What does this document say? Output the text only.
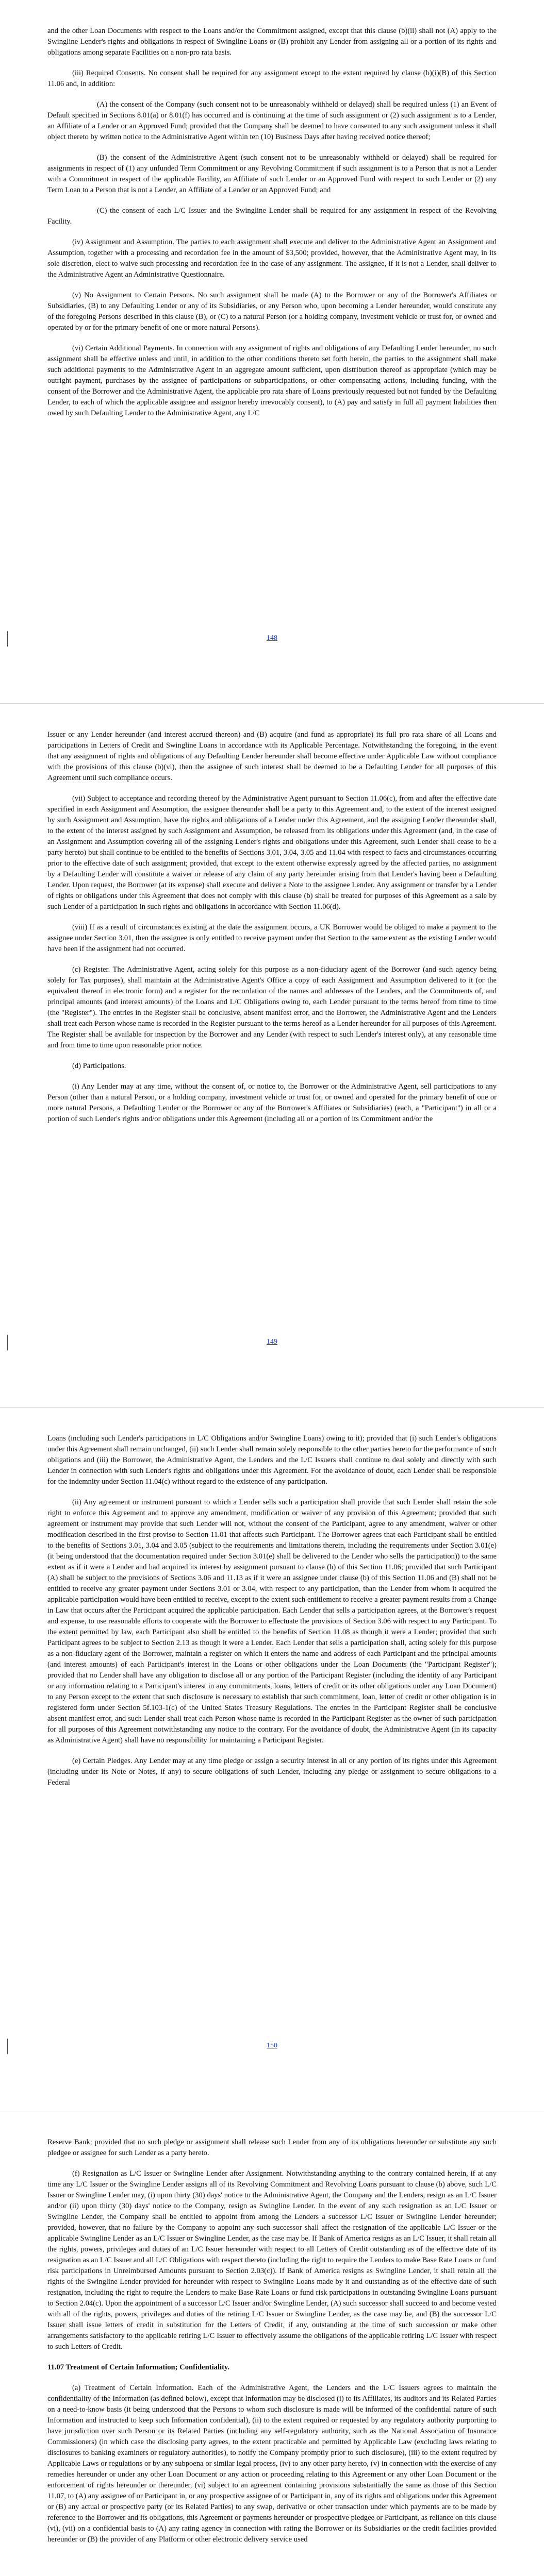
and the other Loan Documents with respect to the Loans and/or the Commitment assigned, except that this clause (b)(ii) shall not (A) apply to the Swingline Lender's rights and obligations in respect of Swingline Loans or (B) prohibit any Lender from assigning all or a portion of its rights and obligations among separate Facilities on a non-pro rata basis.

(iii) Required Consents. No consent shall be required for any assignment except to the extent required by clause (b)(i)(B) of this Section 11.06 and, in addition:

(A) the consent of the Company (such consent not to be unreasonably withheld or delayed) shall be required unless (1) an Event of Default specified in Sections 8.01(a) or 8.01(f) has occurred and is continuing at the time of such assignment or (2) such assignment is to a Lender, an Affiliate of a Lender or an Approved Fund; provided that the Company shall be deemed to have consented to any such assignment unless it shall object thereto by written notice to the Administrative Agent within ten (10) Business Days after having received notice thereof;

(B) the consent of the Administrative Agent (such consent not to be unreasonably withheld or delayed) shall be required for assignments in respect of (1) any unfunded Term Commitment or any Revolving Commitment if such assignment is to a Person that is not a Lender with a Commitment in respect of the applicable Facility, an Affiliate of such Lender or an Approved Fund with respect to such Lender or (2) any Term Loan to a Person that is not a Lender, an Affiliate of a Lender or an Approved Fund; and

(C) the consent of each L/C Issuer and the Swingline Lender shall be required for any assignment in respect of the Revolving Facility.

(iv) Assignment and Assumption. The parties to each assignment shall execute and deliver to the Administrative Agent an Assignment and Assumption, together with a processing and recordation fee in the amount of $3,500; provided, however, that the Administrative Agent may, in its sole discretion, elect to waive such processing and recordation fee in the case of any assignment. The assignee, if it is not a Lender, shall deliver to the Administrative Agent an Administrative Questionnaire.

(v) No Assignment to Certain Persons. No such assignment shall be made (A) to the Borrower or any of the Borrower's Affiliates or Subsidiaries, (B) to any Defaulting Lender or any of its Subsidiaries, or any Person who, upon becoming a Lender hereunder, would constitute any of the foregoing Persons described in this clause (B), or (C) to a natural Person (or a holding company, investment vehicle or trust for, or owned and operated by or for the primary benefit of one or more natural Persons).

(vi) Certain Additional Payments. In connection with any assignment of rights and obligations of any Defaulting Lender hereunder, no such assignment shall be effective unless and until, in addition to the other conditions thereto set forth herein, the parties to the assignment shall make such additional payments to the Administrative Agent in an aggregate amount sufficient, upon distribution thereof as appropriate (which may be outright payment, purchases by the assignee of participations or subparticipations, or other compensating actions, including funding, with the consent of the Borrower and the Administrative Agent, the applicable pro rata share of Loans previously requested but not funded by the Defaulting Lender, to each of which the applicable assignee and assignor hereby irrevocably consent), to (A) pay and satisfy in full all payment liabilities then owed by such Defaulting Lender to the Administrative Agent, any L/C

148

Issuer or any Lender hereunder (and interest accrued thereon) and (B) acquire (and fund as appropriate) its full pro rata share of all Loans and participations in Letters of Credit and Swingline Loans in accordance with its Applicable Percentage. Notwithstanding the foregoing, in the event that any assignment of rights and obligations of any Defaulting Lender hereunder shall become effective under Applicable Law without compliance with the provisions of this clause (b)(vi), then the assignee of such interest shall be deemed to be a Defaulting Lender for all purposes of this Agreement until such compliance occurs.

(vii) Subject to acceptance and recording thereof by the Administrative Agent pursuant to Section 11.06(c), from and after the effective date specified in each Assignment and Assumption, the assignee thereunder shall be a party to this Agreement and, to the extent of the interest assigned by such Assignment and Assumption, have the rights and obligations of a Lender under this Agreement, and the assigning Lender thereunder shall, to the extent of the interest assigned by such Assignment and Assumption, be released from its obligations under this Agreement (and, in the case of an Assignment and Assumption covering all of the assigning Lender's rights and obligations under this Agreement, such Lender shall cease to be a party hereto) but shall continue to be entitled to the benefits of Sections 3.01, 3.04, 3.05 and 11.04 with respect to facts and circumstances occurring prior to the effective date of such assignment; provided, that except to the extent otherwise expressly agreed by the affected parties, no assignment by a Defaulting Lender will constitute a waiver or release of any claim of any party hereunder arising from that Lender's having been a Defaulting Lender. Upon request, the Borrower (at its expense) shall execute and deliver a Note to the assignee Lender. Any assignment or transfer by a Lender of rights or obligations under this Agreement that does not comply with this clause (b) shall be treated for purposes of this Agreement as a sale by such Lender of a participation in such rights and obligations in accordance with Section 11.06(d).

(viii) If as a result of circumstances existing at the date the assignment occurs, a UK Borrower would be obliged to make a payment to the assignee under Section 3.01, then the assignee is only entitled to receive payment under that Section to the same extent as the existing Lender would have been if the assignment had not occurred.

(c) Register. The Administrative Agent, acting solely for this purpose as a non-fiduciary agent of the Borrower (and such agency being solely for Tax purposes), shall maintain at the Administrative Agent's Office a copy of each Assignment and Assumption delivered to it (or the equivalent thereof in electronic form) and a register for the recordation of the names and addresses of the Lenders, and the Commitments of, and principal amounts (and interest amounts) of the Loans and L/C Obligations owing to, each Lender pursuant to the terms hereof from time to time (the "Register"). The entries in the Register shall be conclusive, absent manifest error, and the Borrower, the Administrative Agent and the Lenders shall treat each Person whose name is recorded in the Register pursuant to the terms hereof as a Lender hereunder for all purposes of this Agreement. The Register shall be available for inspection by the Borrower and any Lender (with respect to such Lender's interest only), at any reasonable time and from time to time upon reasonable prior notice.

(d) Participations.

(i) Any Lender may at any time, without the consent of, or notice to, the Borrower or the Administrative Agent, sell participations to any Person (other than a natural Person, or a holding company, investment vehicle or trust for, or owned and operated for the primary benefit of one or more natural Persons, a Defaulting Lender or the Borrower or any of the Borrower's Affiliates or Subsidiaries) (each, a "Participant") in all or a portion of such Lender's rights and/or obligations under this Agreement (including all or a portion of its Commitment and/or the

149

Loans (including such Lender's participations in L/C Obligations and/or Swingline Loans) owing to it); provided that (i) such Lender's obligations under this Agreement shall remain unchanged, (ii) such Lender shall remain solely responsible to the other parties hereto for the performance of such obligations and (iii) the Borrower, the Administrative Agent, the Lenders and the L/C Issuers shall continue to deal solely and directly with such Lender in connection with such Lender's rights and obligations under this Agreement. For the avoidance of doubt, each Lender shall be responsible for the indemnity under Section 11.04(c) without regard to the existence of any participation.

(ii) Any agreement or instrument pursuant to which a Lender sells such a participation shall provide that such Lender shall retain the sole right to enforce this Agreement and to approve any amendment, modification or waiver of any provision of this Agreement; provided that such agreement or instrument may provide that such Lender will not, without the consent of the Participant, agree to any amendment, waiver or other modification described in the first proviso to Section 11.01 that affects such Participant. The Borrower agrees that each Participant shall be entitled to the benefits of Sections 3.01, 3.04 and 3.05 (subject to the requirements and limitations therein, including the requirements under Section 3.01(e) (it being understood that the documentation required under Section 3.01(e) shall be delivered to the Lender who sells the participation)) to the same extent as if it were a Lender and had acquired its interest by assignment pursuant to clause (b) of this Section 11.06; provided that such Participant (A) shall be subject to the provisions of Sections 3.06 and 11.13 as if it were an assignee under clause (b) of this Section 11.06 and (B) shall not be entitled to receive any greater payment under Sections 3.01 or 3.04, with respect to any participation, than the Lender from whom it acquired the applicable participation would have been entitled to receive, except to the extent such entitlement to receive a greater payment results from a Change in Law that occurs after the Participant acquired the applicable participation. Each Lender that sells a participation agrees, at the Borrower's request and expense, to use reasonable efforts to cooperate with the Borrower to effectuate the provisions of Section 3.06 with respect to any Participant. To the extent permitted by law, each Participant also shall be entitled to the benefits of Section 11.08 as though it were a Lender; provided that such Participant agrees to be subject to Section 2.13 as though it were a Lender. Each Lender that sells a participation shall, acting solely for this purpose as a non-fiduciary agent of the Borrower, maintain a register on which it enters the name and address of each Participant and the principal amounts (and interest amounts) of each Participant's interest in the Loans or other obligations under the Loan Documents (the "Participant Register"); provided that no Lender shall have any obligation to disclose all or any portion of the Participant Register (including the identity of any Participant or any information relating to a Participant's interest in any commitments, loans, letters of credit or its other obligations under any Loan Document) to any Person except to the extent that such disclosure is necessary to establish that such commitment, loan, letter of credit or other obligation is in registered form under Section 5f.103-1(c) of the United States Treasury Regulations. The entries in the Participant Register shall be conclusive absent manifest error, and such Lender shall treat each Person whose name is recorded in the Participant Register as the owner of such participation for all purposes of this Agreement notwithstanding any notice to the contrary. For the avoidance of doubt, the Administrative Agent (in its capacity as Administrative Agent) shall have no responsibility for maintaining a Participant Register.

(e) Certain Pledges. Any Lender may at any time pledge or assign a security interest in all or any portion of its rights under this Agreement (including under its Note or Notes, if any) to secure obligations of such Lender, including any pledge or assignment to secure obligations to a Federal

150

Reserve Bank; provided that no such pledge or assignment shall release such Lender from any of its obligations hereunder or substitute any such pledgee or assignee for such Lender as a party hereto.

(f) Resignation as L/C Issuer or Swingline Lender after Assignment. Notwithstanding anything to the contrary contained herein, if at any time any L/C Issuer or the Swingline Lender assigns all of its Revolving Commitment and Revolving Loans pursuant to clause (b) above, such L/C Issuer or Swingline Lender may, (i) upon thirty (30) days' notice to the Administrative Agent, the Company and the Lenders, resign as an L/C Issuer and/or (ii) upon thirty (30) days' notice to the Company, resign as Swingline Lender. In the event of any such resignation as an L/C Issuer or Swingline Lender, the Company shall be entitled to appoint from among the Lenders a successor L/C Issuer or Swingline Lender hereunder; provided, however, that no failure by the Company to appoint any such successor shall affect the resignation of the applicable L/C Issuer or the applicable Swingline Lender as an L/C Issuer or Swingline Lender, as the case may be. If Bank of America resigns as an L/C Issuer, it shall retain all the rights, powers, privileges and duties of an L/C Issuer hereunder with respect to all Letters of Credit outstanding as of the effective date of its resignation as an L/C Issuer and all L/C Obligations with respect thereto (including the right to require the Lenders to make Base Rate Loans or fund risk participations in Unreimbursed Amounts pursuant to Section 2.03(c)). If Bank of America resigns as Swingline Lender, it shall retain all the rights of the Swingline Lender provided for hereunder with respect to Swingline Loans made by it and outstanding as of the effective date of such resignation, including the right to require the Lenders to make Base Rate Loans or fund risk participations in outstanding Swingline Loans pursuant to Section 2.04(c). Upon the appointment of a successor L/C Issuer and/or Swingline Lender, (A) such successor shall succeed to and become vested with all of the rights, powers, privileges and duties of the retiring L/C Issuer or Swingline Lender, as the case may be, and (B) the successor L/C Issuer shall issue letters of credit in substitution for the Letters of Credit, if any, outstanding at the time of such succession or make other arrangements satisfactory to the applicable retiring L/C Issuer to effectively assume the obligations of the applicable retiring L/C Issuer with respect to such Letters of Credit.

11.07 Treatment of Certain Information; Confidentiality.

(a) Treatment of Certain Information. Each of the Administrative Agent, the Lenders and the L/C Issuers agrees to maintain the confidentiality of the Information (as defined below), except that Information may be disclosed (i) to its Affiliates, its auditors and its Related Parties on a need-to-know basis (it being understood that the Persons to whom such disclosure is made will be informed of the confidential nature of such Information and instructed to keep such Information confidential), (ii) to the extent required or requested by any regulatory authority purporting to have jurisdiction over such Person or its Related Parties (including any self-regulatory authority, such as the National Association of Insurance Commissioners) (in which case the disclosing party agrees, to the extent practicable and permitted by Applicable Law (excluding laws relating to disclosures to banking examiners or regulatory authorities), to notify the Company promptly prior to such disclosure), (iii) to the extent required by Applicable Laws or regulations or by any subpoena or similar legal process, (iv) to any other party hereto, (v) in connection with the exercise of any remedies hereunder or under any other Loan Document or any action or proceeding relating to this Agreement or any other Loan Document or the enforcement of rights hereunder or thereunder, (vi) subject to an agreement containing provisions substantially the same as those of this Section 11.07, to (A) any assignee of or Participant in, or any prospective assignee of or Participant in, any of its rights and obligations under this Agreement or (B) any actual or prospective party (or its Related Parties) to any swap, derivative or other transaction under which payments are to be made by reference to the Borrower and its obligations, this Agreement or payments hereunder or prospective pledgee or Participant, as reliance on this clause (vi), (vii) on a confidential basis to (A) any rating agency in connection with rating the Borrower or its Subsidiaries or the credit facilities provided hereunder or (B) the provider of any Platform or other electronic delivery service used
